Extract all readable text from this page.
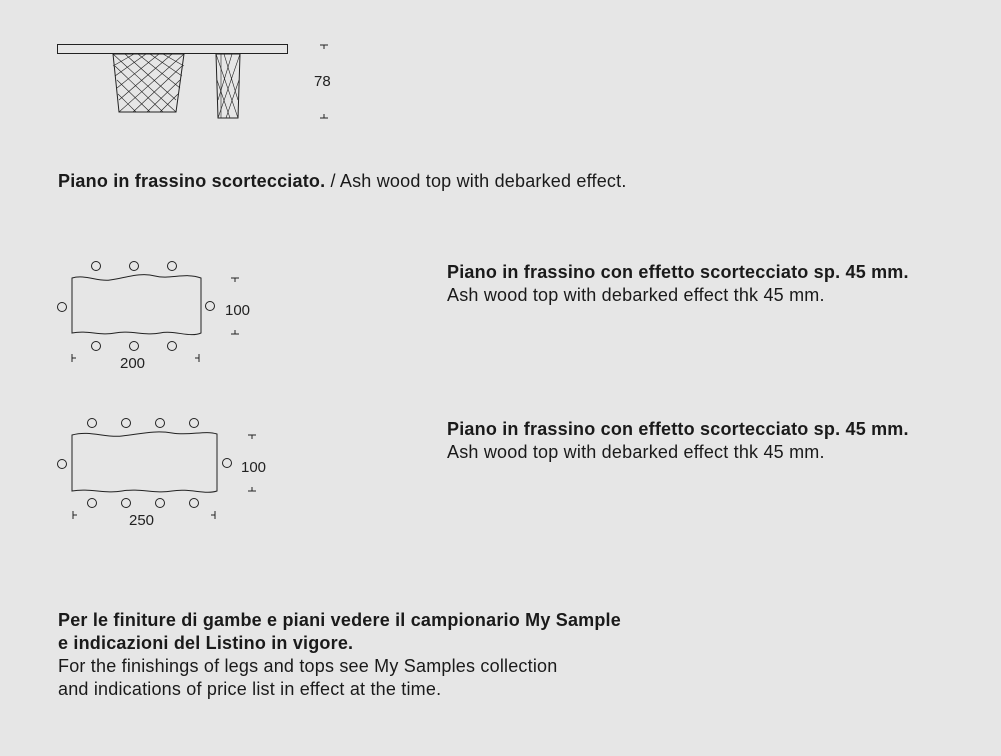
78
100
200
100
250
Piano in frassino scortecciato. / Ash wood top with debarked effect.
Piano in frassino con effetto scortecciato sp. 45 mm.
Ash wood top with debarked effect thk 45 mm.
Piano in frassino con effetto scortecciato sp. 45 mm.
Ash wood top with debarked effect thk 45 mm.
Per le finiture di gambe e piani vedere il campionario My Sample
e indicazioni del Listino in vigore.
For the finishings of legs and tops see My Samples collection
and indications of price list in effect at the time.
